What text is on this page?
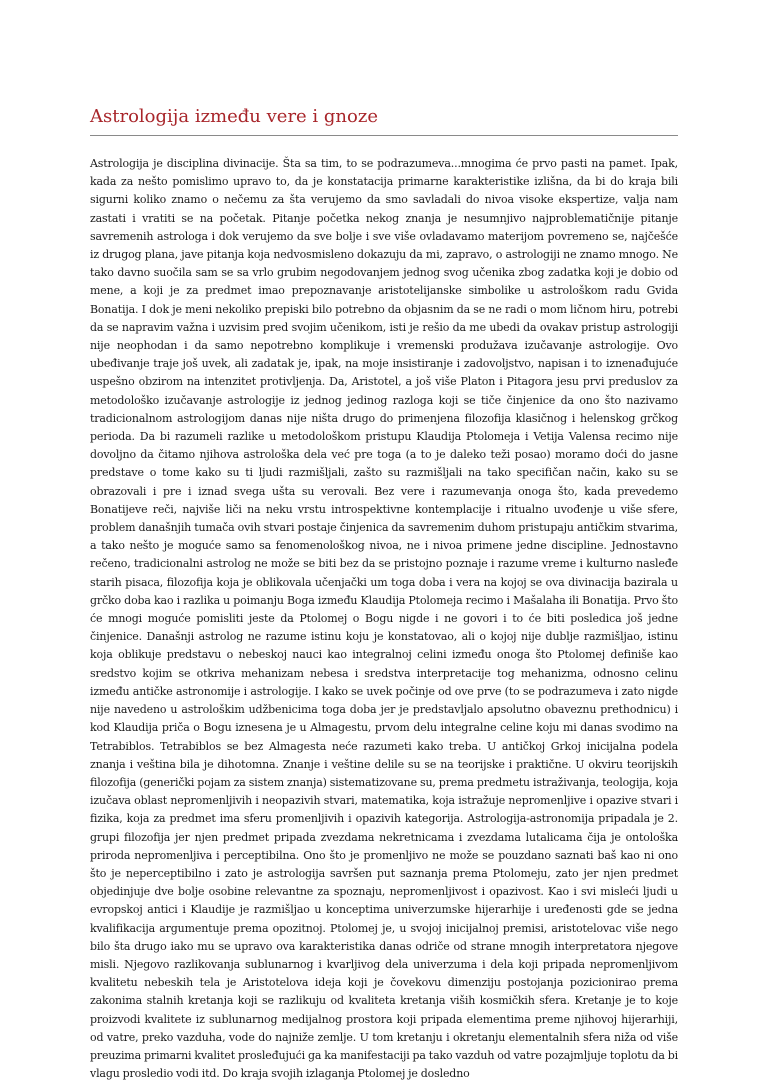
Astrologija između vere i gnoze

Astrologija je disciplina divinacije. Šta sa tim, to se podrazumeva...mnogima će prvo pasti na pamet. Ipak, kada za nešto pomislimo upravo to, da je konstatacija primarne karakteristike izlišna, da bi do kraja bili sigurni koliko znamo o nečemu za šta verujemo da smo savladali do nivoa visoke ekspertize, valja nam zastati i vratiti se na početak. Pitanje početka nekog znanja je nesumnjivo najproblematičnije pitanje savremenih astrologa i dok verujemo da sve bolje i sve više ovladavamo materijom povremeno se, najčešće iz drugog plana, jave pitanja koja nedvosmisleno dokazuju da mi, zapravo, o astrologiji ne znamo mnogo. Ne tako davno suočila sam se sa vrlo grubim negodovanjem jednog svog učenika zbog zadatka koji je dobio od mene, a koji je za predmet imao prepoznavanje aristotelijanske simbolike u astrološkom radu Gvida Bonatija. I dok je meni nekoliko prepiski bilo potrebno da objasnim da se ne radi o mom ličnom hiru, potrebi da se napravim važna i uzvisim pred svojim učenikom, isti je rešio da me ubedi da ovakav pristup astrologiji nije neophodan i da samo nepotrebno komplikuje i vremenski produžava izučavanje astrologije. Ovo ubeđivanje traje još uvek, ali zadatak je, ipak, na moje insistiranje i zadovoljstvo, napisan i to iznenađujuće uspešno obzirom na intenzitet protivljenja. Da, Aristotel, a još više Platon i Pitagora jesu prvi preduslov za metodološko izučavanje astrologije iz jednog jedinog razloga koji se tiče činjenice da ono što nazivamo tradicionalnom astrologijom danas nije ništa drugo do primenjena filozofija klasičnog i helenskog grčkog perioda. Da bi razumeli razlike u metodološkom pristupu Klaudija Ptolomeja i Vetija Valensa recimo nije dovoljno da čitamo njihova astrološka dela već pre toga (a to je daleko teži posao) moramo doći do jasne predstave o tome kako su ti ljudi razmišljali, zašto su razmišljali na tako specifičan način, kako su se obrazovali i pre i iznad svega ušta su verovali. Bez vere i razumevanja onoga što, kada prevedemo Bonatijeve reči, najviše liči na neku vrstu introspektivne kontemplacije i ritualno uvođenje u više sfere, problem današnjih tumača ovih stvari postaje činjenica da savremenim duhom pristupaju antičkim stvarima, a tako nešto je moguće samo sa fenomenološkog nivoa, ne i nivoa primene jedne discipline. Jednostavno rečeno, tradicionalni astrolog ne može se biti bez da se pristojno poznaje i razume vreme i kulturno nasleđe starih pisaca, filozofija koja je oblikovala učenjački um toga doba i vera na kojoj se ova divinacija bazirala u grčko doba kao i razlika u poimanju Boga između Klaudija Ptolomeja recimo i Mašalaha ili Bonatija. Prvo što će mnogi moguće pomisliti jeste da Ptolomej o Bogu nigde i ne govori i to će biti posledica još jedne činjenice. Današnji astrolog ne razume istinu koju je konstatovao, ali o kojoj nije dublje razmišljao, istinu koja oblikuje predstavu o nebeskoj nauci kao integralnoj celini između onoga što Ptolomej definiše kao sredstvo kojim se otkriva mehanizam nebesa i sredstva interpretacije tog mehanizma, odnosno celinu između antičke astronomije i astrologije. I kako se uvek počinje od ove prve (to se podrazumeva i zato nigde nije navedeno u astrološkim udžbenicima toga doba jer je predstavljalo apsolutno obaveznu prethodnicu) i kod Klaudija priča o Bogu iznesena je u Almagestu, prvom delu integralne celine koju mi danas svodimo na Tetrabiblos. Tetrabiblos se bez Almagesta neće razumeti kako treba. U antičkoj Grkoj inicijalna podela znanja i veština bila je dihotomna. Znanje i veštine delile su se na teorijske i praktične. U okviru teorijskih filozofija (generički pojam za sistem znanja) sistematizovane su, prema predmetu istraživanja, teologija, koja izučava oblast nepromenljivih i neopazivih stvari, matematika, koja istražuje nepromenljive i opazive stvari i fizika, koja za predmet ima sferu promenljivih i opazivih kategorija. Astrologija-astronomija pripadala je 2. grupi filozofija jer njen predmet pripada zvezdama nekretnicama i zvezdama lutalicama čija je ontološka priroda nepromenljiva i perceptibilna. Ono što je promenljivo ne može se pouzdano saznati baš kao ni ono što je neperceptibilno i zato je astrologija savršen put saznanja prema Ptolomeju, zato jer njen predmet objedinjuje dve bolje osobine relevantne za spoznaju, nepromenljivost i opazivost. Kao i svi mislеći ljudi u evropskoj antici i Klaudije je razmišljao u konceptima univerzumske hijerarhije i uređenosti gde se jedna kvalifikacija argumentuje prema opozitnoj. Ptolomej je, u svojoj inicijalnoj premisi, aristotelovac više nego bilo šta drugo iako mu se upravo ova karakteristika danas odriče od strane mnogih interpretatora njegove misli. Njegovo razlikovanja sublunarnog i kvarljivog dela univerzuma i dela koji pripada nepromenljivom kvalitetu nebeskih tela je Aristotelova ideja koji je čovekovu dimenziju postojanja pozicionirao prema zakonima stalnih kretanja koji se razlikuju od kvaliteta kretanja viših kosmičkih sfera. Kretanje je to koje proizvodi kvalitete iz sublunarnog medijalnog prostora koji pripada elementima preme njihovoj hijerarhiji, od vatre, preko vazduha, vode do najniže zemlje. U tom kretanju i okretanju elementalnih sfera niža od više preuzima primarni kvalitet prosleđujući ga ka manifestaciji pa tako vazduh od vatre pozajmljuje toplotu da bi vlagu prosledio vodi itd. Do kraja svojih izlaganja Ptolomej je dosledno
